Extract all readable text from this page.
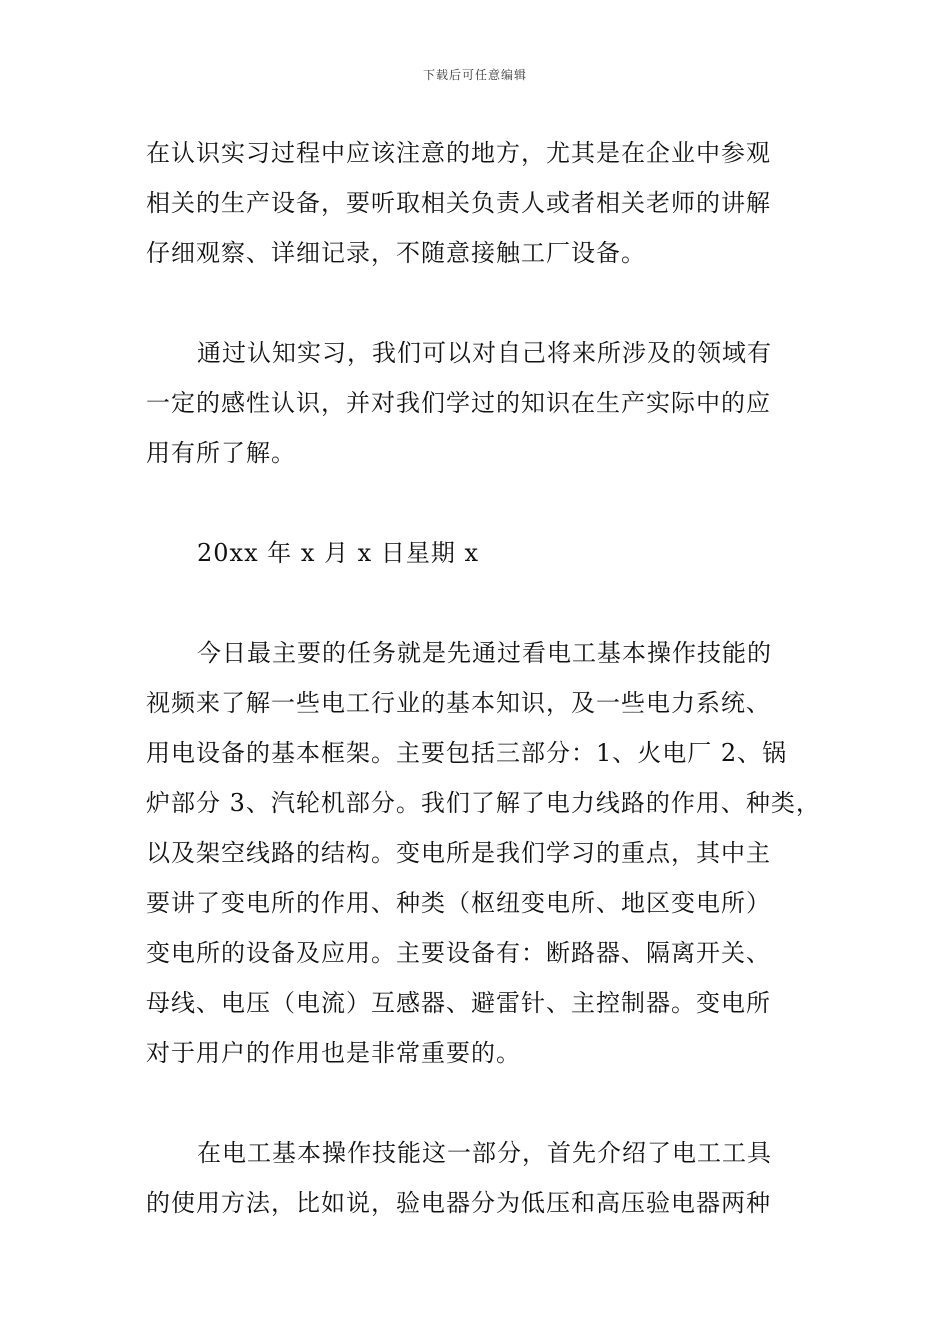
下载后可任意编辑
在认识实习过程中应该注意的地方，尤其是在企业中参观
相关的生产设备，要听取相关负责人或者相关老师的讲解
仔细观察、详细记录，不随意接触工厂设备。
通过认知实习，我们可以对自己将来所涉及的领域有
一定的感性认识，并对我们学过的知识在生产实际中的应
用有所了解。
20xx 年 x 月 x 日星期 x
今日最主要的任务就是先通过看电工基本操作技能的
视频来了解一些电工行业的基本知识，及一些电力系统、
用电设备的基本框架。主要包括三部分：1、火电厂 2、锅
炉部分 3、汽轮机部分。我们了解了电力线路的作用、种类，
以及架空线路的结构。变电所是我们学习的重点，其中主
要讲了变电所的作用、种类（枢纽变电所、地区变电所）
变电所的设备及应用。主要设备有：断路器、隔离开关、
母线、电压（电流）互感器、避雷针、主控制器。变电所
对于用户的作用也是非常重要的。
在电工基本操作技能这一部分，首先介绍了电工工具
的使用方法，比如说，验电器分为低压和高压验电器两种
